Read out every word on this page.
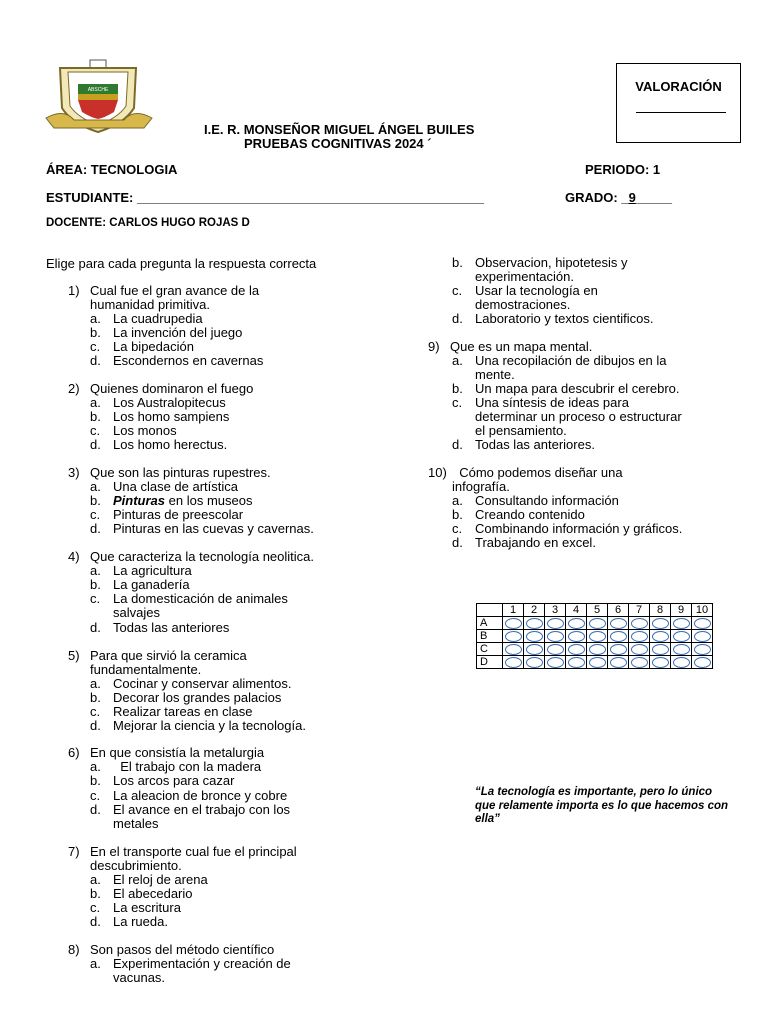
ABSCHE	VALORACIÓN
I.E. R. MONSEÑOR MIGUEL ÁNGEL BUILES
PRUEBAS COGNITIVAS 2024 ´
ÁREA: TECNOLOGIA	PERIODO: 1
ESTUDIANTE: ________________________________________________	GRADO: _9_____
DOCENTE: CARLOS HUGO ROJAS D
Elige para cada pregunta la respuesta correcta
1) Cual fue el gran avance de la
humanidad primitiva.
a. La cuadrupedia
b. La invención del juego
c. La bipedación
d. Escondernos en cavernas
2) Quienes dominaron el fuego
a. Los Australopitecus
b. Los homo sampiens
c. Los monos
d. Los homo herectus.
3) Que son las pinturas rupestres.
a. Una clase de artística
b. Pinturas en los museos
c. Pinturas de preescolar
d. Pinturas en las cuevas y cavernas.
4) Que caracteriza la tecnología neolitica.
a. La agricultura
b. La ganadería
c. La domesticación de animales
salvajes
d. Todas las anteriores
5) Para que sirvió la ceramica
fundamentalmente.
a. Cocinar y conservar alimentos.
b. Decorar los grandes palacios
c. Realizar tareas en clase
d. Mejorar la ciencia y la tecnología.
6) En que consistía la metalurgia
a. El trabajo con la madera
b. Los arcos para cazar
c. La aleacion de bronce y cobre
d. El avance en el trabajo con los
metales
7) En el transporte cual fue el principal
descubrimiento.
a. El reloj de arena
b. El abecedario
c. La escritura
d. La rueda.
8) Son pasos del método científico
a. Experimentación y creación de
vacunas.
b. Observacion, hipotetesis y
experimentación.
c. Usar la tecnología en
demostraciones.
d. Laboratorio y textos cientificos.
9) Que es un mapa mental.
a. Una recopilación de dibujos en la
mente.
b. Un mapa para descubrir el cerebro.
c. Una síntesis de ideas para
determinar un proceso o estructurar
el pensamiento.
d. Todas las anteriores.
10) Cómo podemos diseñar una
infografía.
a. Consultando información
b. Creando contenido
c. Combinando información y gráficos.
d. Trabajando en excel.
	1	2	3	4	5	6	7	8	9	10
A										
B										
C										
D										
“La tecnología es importante, pero lo único que relamente importa es lo que hacemos con ella”
